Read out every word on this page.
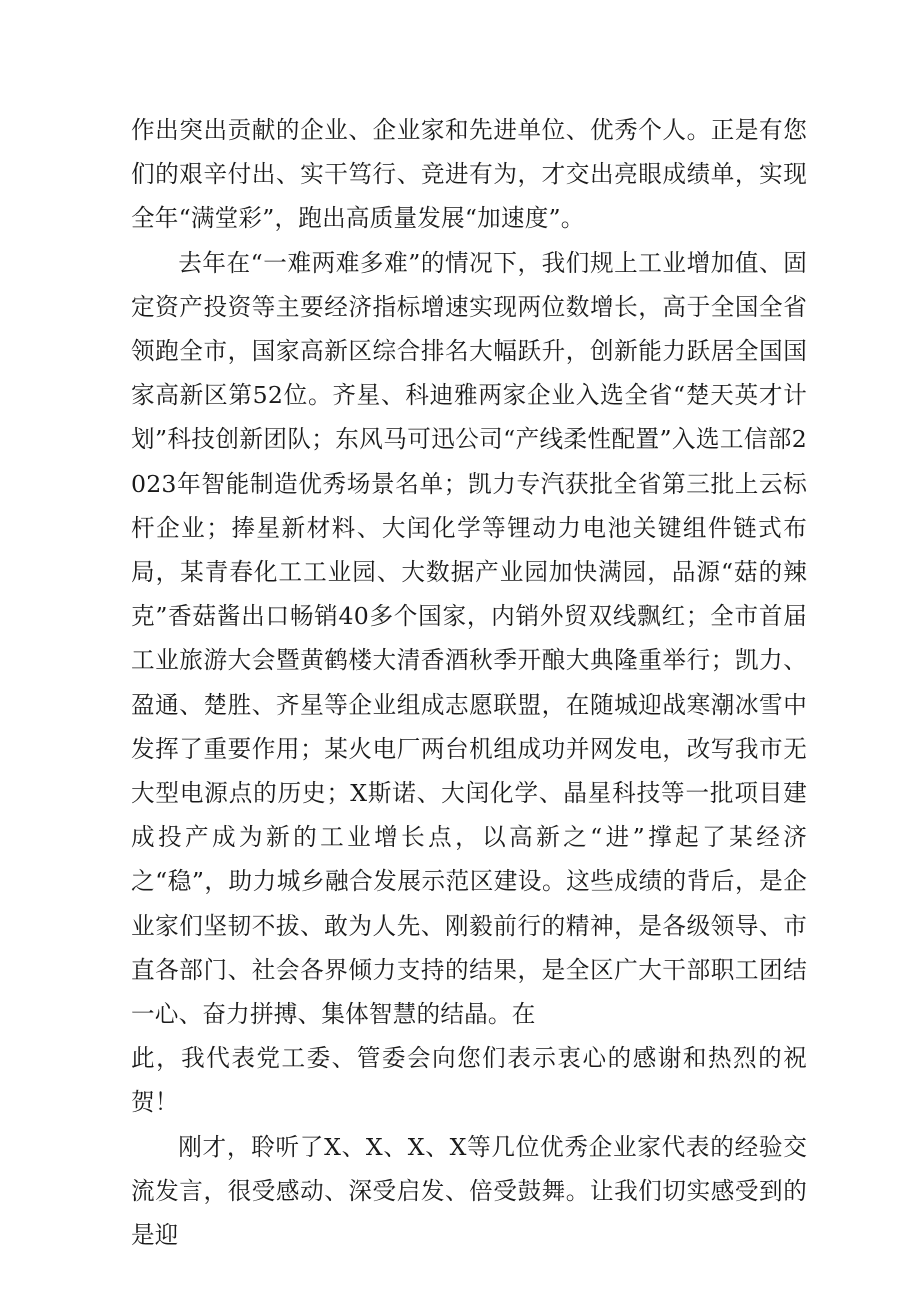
作出突出贡献的企业、企业家和先进单位、优秀个人。正是有您们的艰辛付出、实干笃行、竞进有为，才交出亮眼成绩单，实现全年“满堂彩”，跑出高质量发展“加速度”。

去年在“一难两难多难”的情况下，我们规上工业增加值、固定资产投资等主要经济指标增速实现两位数增长，高于全国全省领跑全市，国家高新区综合排名大幅跃升，创新能力跃居全国国家高新区第52位。齐星、科迪雅两家企业入选全省“楚天英才计划”科技创新团队；东风马可迅公司“产线柔性配置”入选工信部2023年智能制造优秀场景名单；凯力专汽获批全省第三批上云标杆企业；捧星新材料、大闰化学等锂动力电池关键组件链式布局，某青春化工工业园、大数据产业园加快满园，品源“菇的辣克”香菇酱出口畅销40多个国家，内销外贸双线飘红；全市首届工业旅游大会暨黄鹤楼大清香酒秋季开酿大典隆重举行；凯力、盈通、楚胜、齐星等企业组成志愿联盟，在随城迎战寒潮冰雪中发挥了重要作用；某火电厂两台机组成功并网发电，改写我市无大型电源点的历史；X斯诺、大闰化学、晶星科技等一批项目建成投产成为新的工业增长点，以高新之“进”撑起了某经济之“稳”，助力城乡融合发展示范区建设。这些成绩的背后，是企业家们坚韧不拔、敢为人先、刚毅前行的精神，是各级领导、市直各部门、社会各界倾力支持的结果，是全区广大干部职工团结一心、奋力拼搏、集体智慧的结晶。在

此，我代表党工委、管委会向您们表示衷心的感谢和热烈的祝贺！

刚才，聆听了X、X、X、X等几位优秀企业家代表的经验交流发言，很受感动、深受启发、倍受鼓舞。让我们切实感受到的是迎
